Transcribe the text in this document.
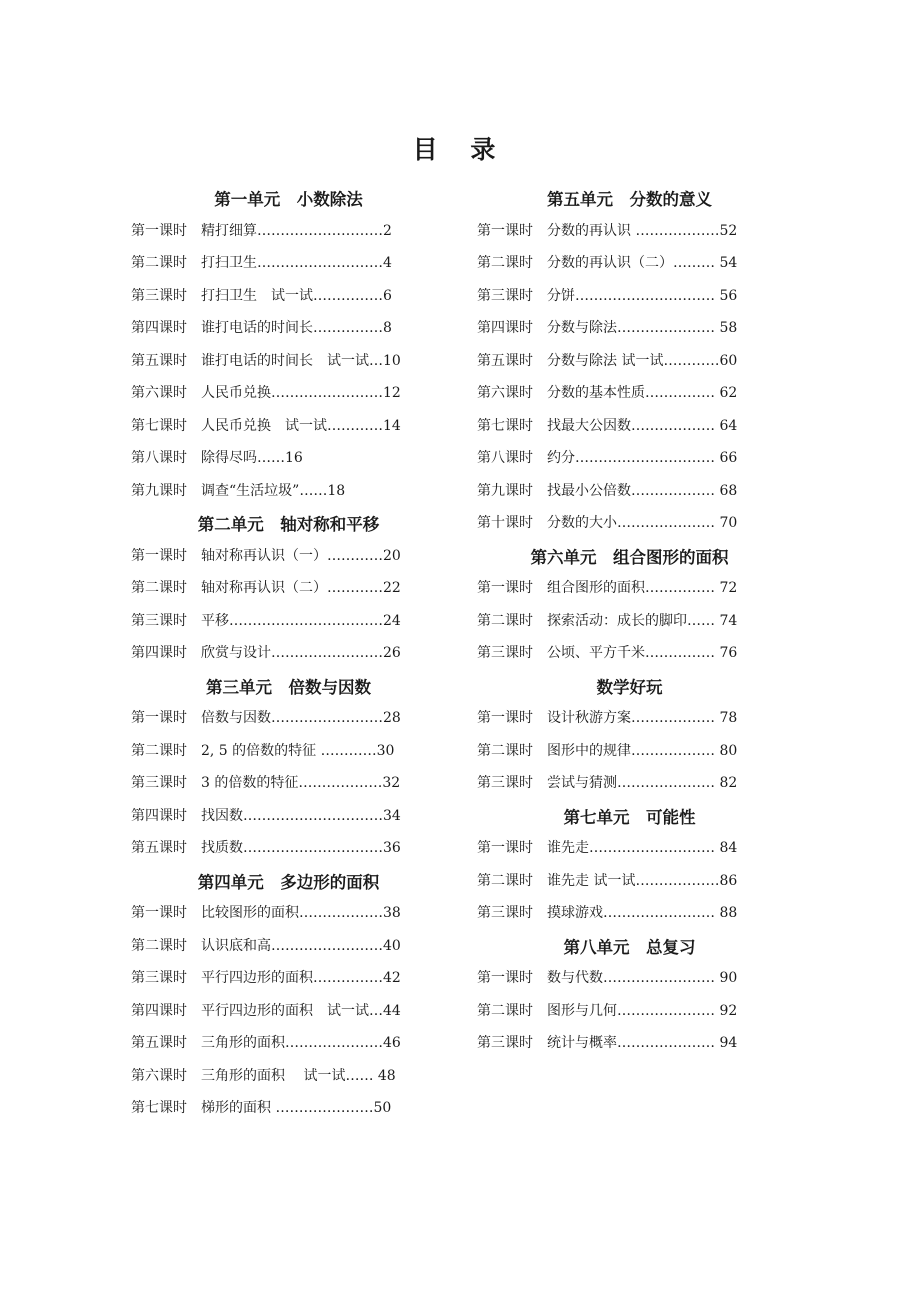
目 录
第一单元　小数除法
第一课时　精打细算………………………2
第二课时　打扫卫生………………………4
第三课时　打扫卫生　试一试……………6
第四课时　谁打电话的时间长……………8
第五课时　谁打电话的时间长　试一试…10
第六课时　人民币兑换……………………12
第七课时　人民币兑换　试一试…………14
第八课时　除得尽吗……16
第九课时　调查“生活垃圾”……18
第二单元　轴对称和平移
第一课时　轴对称再认识（一）…………20
第二课时　轴对称再认识（二）…………22
第三课时　平移……………………………24
第四课时　欣赏与设计……………………26
第三单元　倍数与因数
第一课时　倍数与因数……………………28
第二课时　2, 5 的倍数的特征 …………30
第三课时　3 的倍数的特征………………32
第四课时　找因数…………………………34
第五课时　找质数…………………………36
第四单元　多边形的面积
第一课时　比较图形的面积………………38
第二课时　认识底和高……………………40
第三课时　平行四边形的面积……………42
第四课时　平行四边形的面积　试一试…44
第五课时　三角形的面积…………………46
第六课时　三角形的面积　 试一试…… 48
第七课时　梯形的面积 …………………50
第五单元　分数的意义
第一课时　分数的再认识 ………………52
第二课时　分数的再认识（二）……… 54
第三课时　分饼………………………… 56
第四课时　分数与除法………………… 58
第五课时　分数与除法 试一试…………60
第六课时　分数的基本性质…………… 62
第七课时　找最大公因数……………… 64
第八课时　约分………………………… 66
第九课时　找最小公倍数……………… 68
第十课时　分数的大小………………… 70
第六单元　组合图形的面积
第一课时　组合图形的面积…………… 72
第二课时　探索活动：成长的脚印…… 74
第三课时　公顷、平方千米…………… 76
数学好玩
第一课时　设计秋游方案……………… 78
第二课时　图形中的规律……………… 80
第三课时　尝试与猜测………………… 82
第七单元　可能性
第一课时　谁先走……………………… 84
第二课时　谁先走 试一试………………86
第三课时　摸球游戏…………………… 88
第八单元　总复习
第一课时　数与代数…………………… 90
第二课时　图形与几何………………… 92
第三课时　统计与概率………………… 94
